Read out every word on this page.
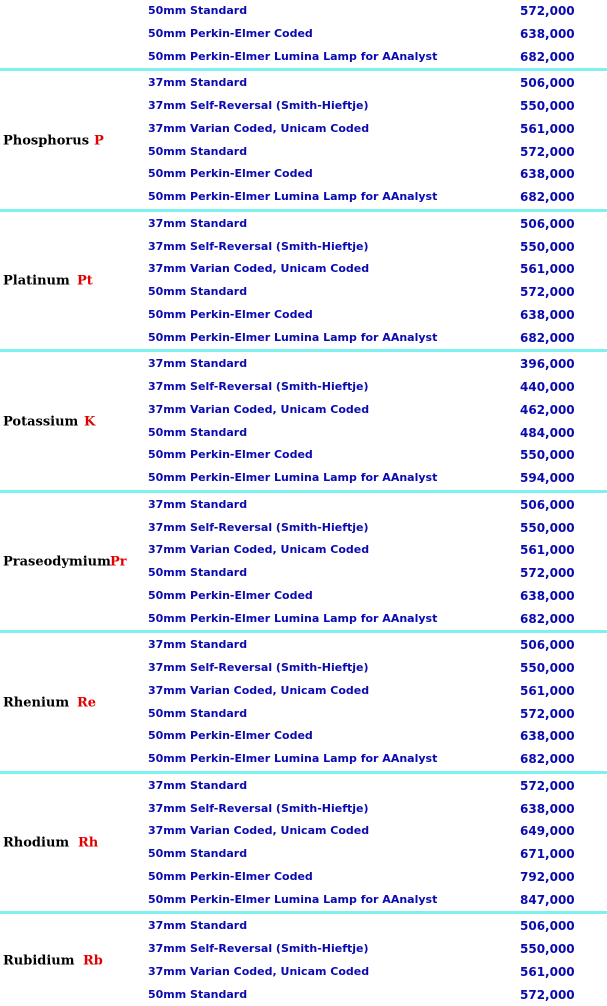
50mm Standard	572,000
50mm Perkin-Elmer Coded	638,000
50mm Perkin-Elmer Lumina Lamp for AAnalyst	682,000
Phosphorus P
37mm Standard	506,000
37mm Self-Reversal (Smith-Hieftje)	550,000
37mm Varian Coded, Unicam Coded	561,000
50mm Standard	572,000
50mm Perkin-Elmer Coded	638,000
50mm Perkin-Elmer Lumina Lamp for AAnalyst	682,000
Platinum Pt
37mm Standard	506,000
37mm Self-Reversal (Smith-Hieftje)	550,000
37mm Varian Coded, Unicam Coded	561,000
50mm Standard	572,000
50mm Perkin-Elmer Coded	638,000
50mm Perkin-Elmer Lumina Lamp for AAnalyst	682,000
Potassium K
37mm Standard	396,000
37mm Self-Reversal (Smith-Hieftje)	440,000
37mm Varian Coded, Unicam Coded	462,000
50mm Standard	484,000
50mm Perkin-Elmer Coded	550,000
50mm Perkin-Elmer Lumina Lamp for AAnalyst	594,000
Praseodymium Pr
37mm Standard	506,000
37mm Self-Reversal (Smith-Hieftje)	550,000
37mm Varian Coded, Unicam Coded	561,000
50mm Standard	572,000
50mm Perkin-Elmer Coded	638,000
50mm Perkin-Elmer Lumina Lamp for AAnalyst	682,000
Rhenium Re
37mm Standard	506,000
37mm Self-Reversal (Smith-Hieftje)	550,000
37mm Varian Coded, Unicam Coded	561,000
50mm Standard	572,000
50mm Perkin-Elmer Coded	638,000
50mm Perkin-Elmer Lumina Lamp for AAnalyst	682,000
Rhodium Rh
37mm Standard	572,000
37mm Self-Reversal (Smith-Hieftje)	638,000
37mm Varian Coded, Unicam Coded	649,000
50mm Standard	671,000
50mm Perkin-Elmer Coded	792,000
50mm Perkin-Elmer Lumina Lamp for AAnalyst	847,000
Rubidium Rb
37mm Standard	506,000
37mm Self-Reversal (Smith-Hieftje)	550,000
37mm Varian Coded, Unicam Coded	561,000
50mm Standard	572,000
